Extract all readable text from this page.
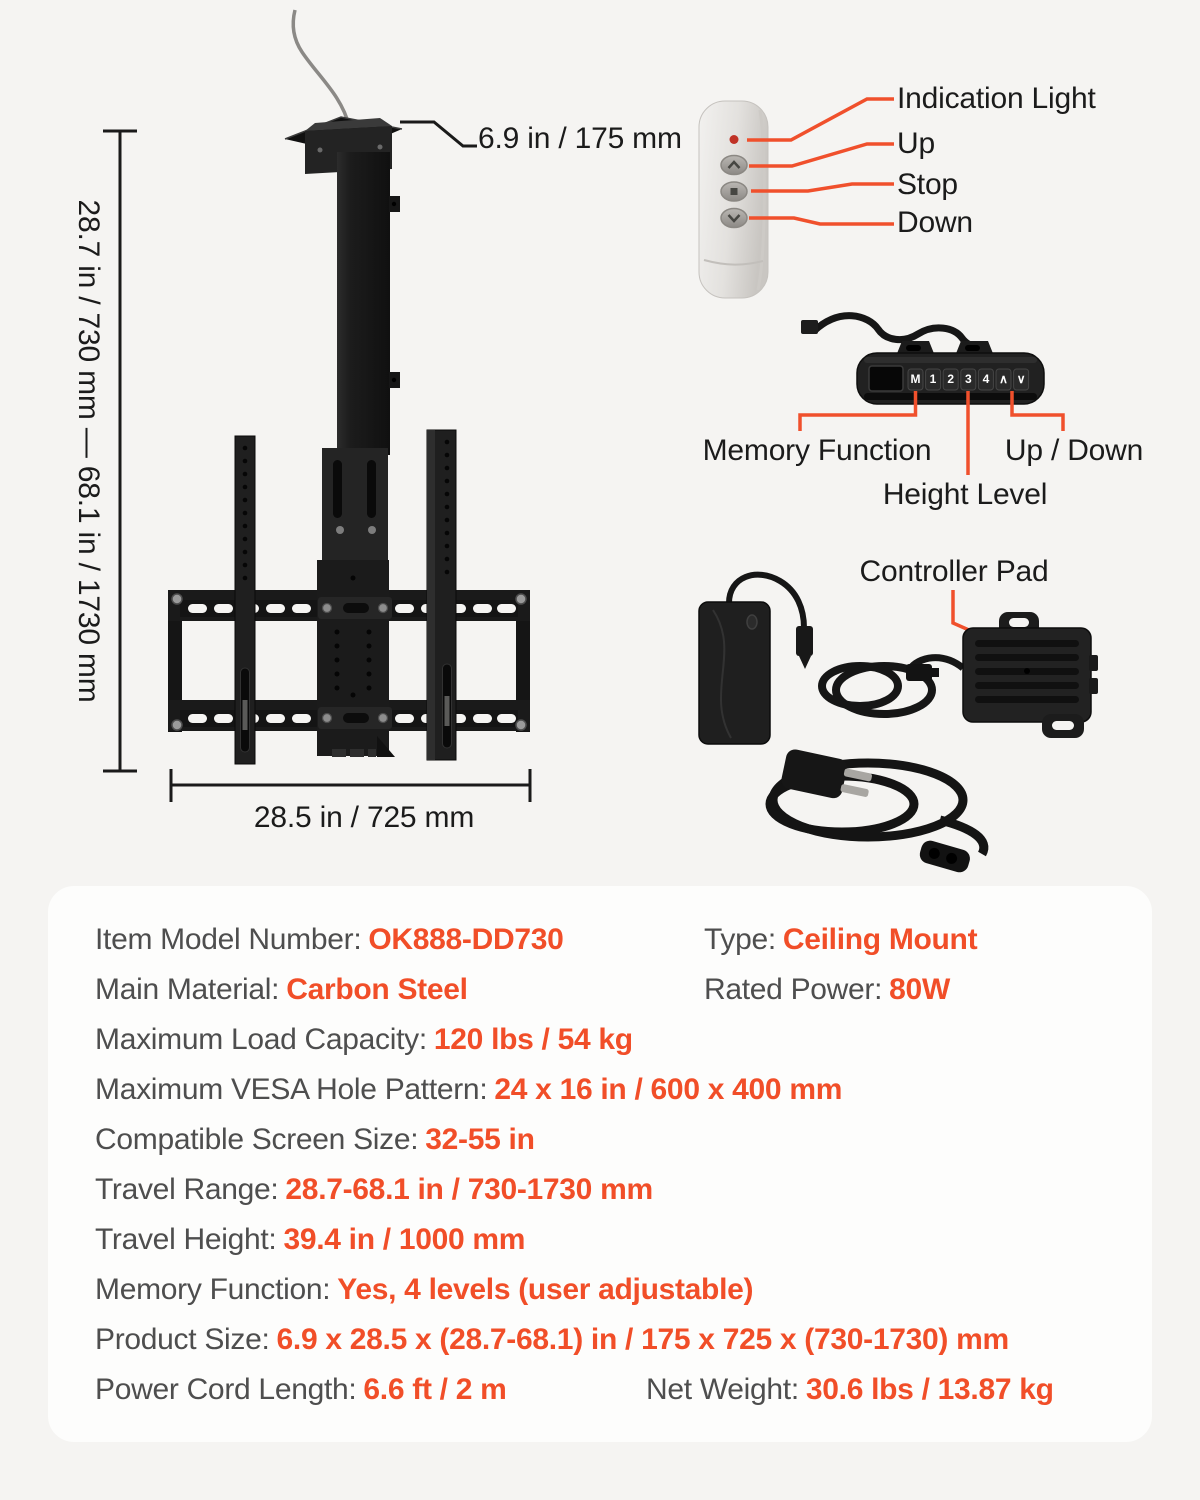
28.7 in / 730 mm — 68.1 in / 1730 mm
6.9 in / 175 mm
28.5 in / 725 mm
Indication Light
Up
Stop
Down
M 1 2 3 4 ∧ ∨
Memory Function
Height Level
Up / Down
Controller Pad
Item Model Number: OK888-DD730	Type: Ceiling Mount
Main Material: Carbon Steel	Rated Power: 80W
Maximum Load Capacity: 120 lbs / 54 kg
Maximum VESA Hole Pattern: 24 x 16 in / 600 x 400 mm
Compatible Screen Size: 32-55 in
Travel Range: 28.7-68.1 in / 730-1730 mm
Travel Height: 39.4 in / 1000 mm
Memory Function: Yes, 4 levels (user adjustable)
Product Size: 6.9 x 28.5 x (28.7-68.1) in / 175 x 725 x (730-1730) mm
Power Cord Length: 6.6 ft / 2 m	Net Weight: 30.6 lbs / 13.87 kg
